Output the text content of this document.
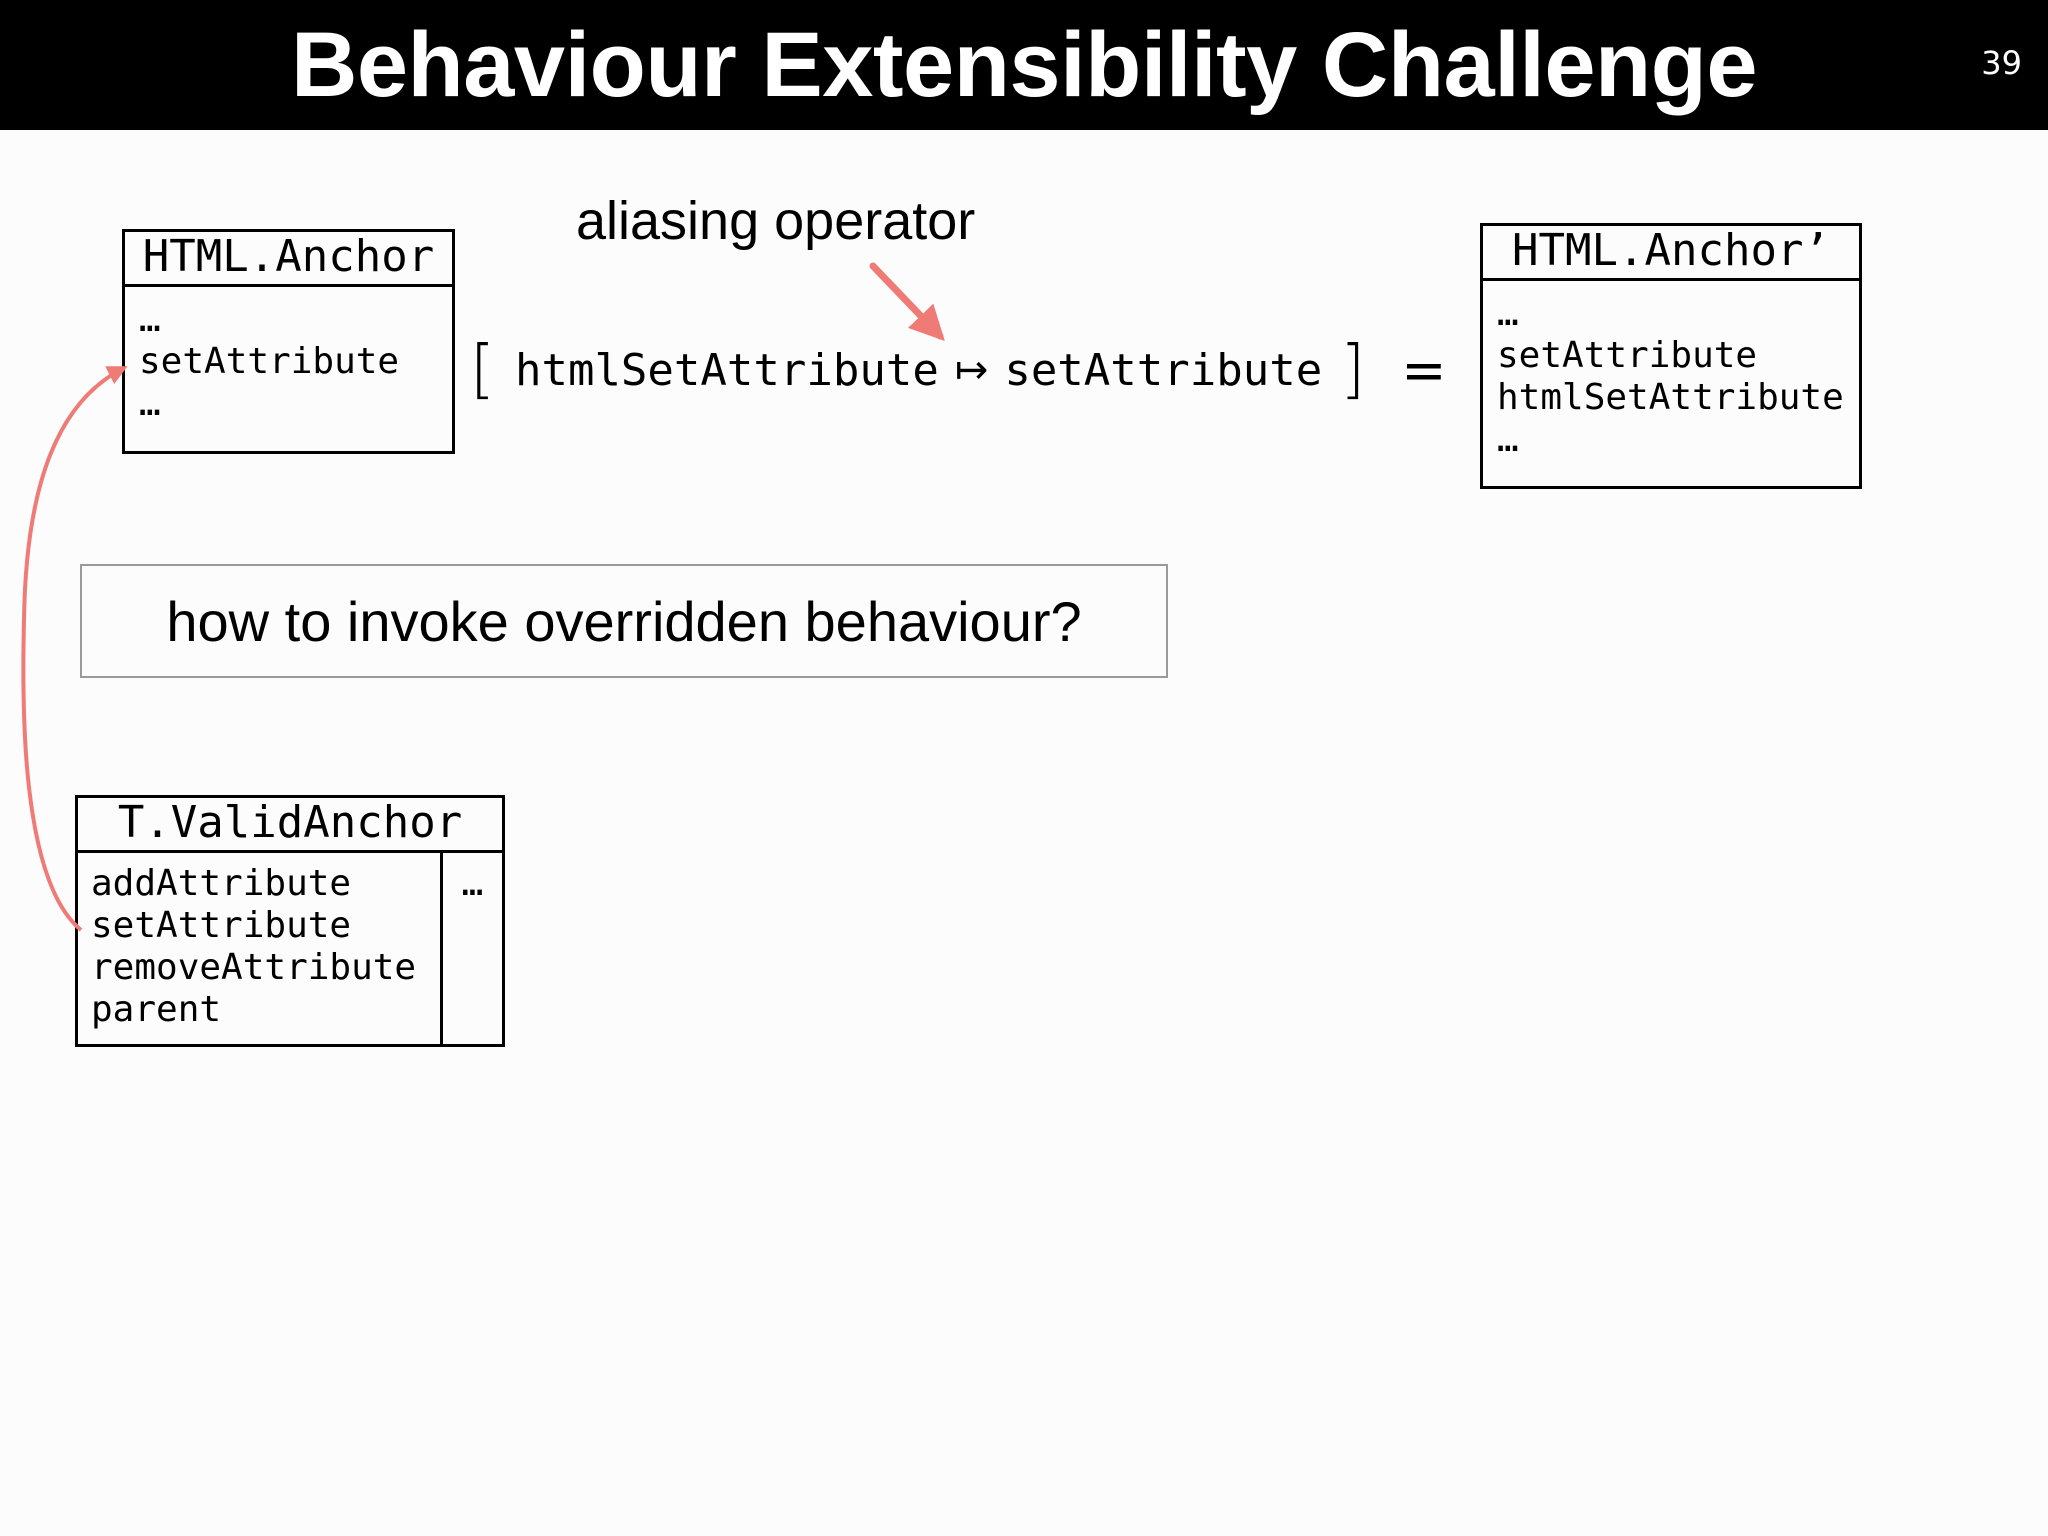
Behaviour Extensibility Challenge	39
HTML.Anchor
…
setAttribute
…
aliasing operator
[ htmlSetAttribute ↦ setAttribute ] =
HTML.Anchor’
…
setAttribute
htmlSetAttribute
…
how to invoke overridden behaviour?
T.ValidAnchor
addAttribute
setAttribute
removeAttribute
parent
…
